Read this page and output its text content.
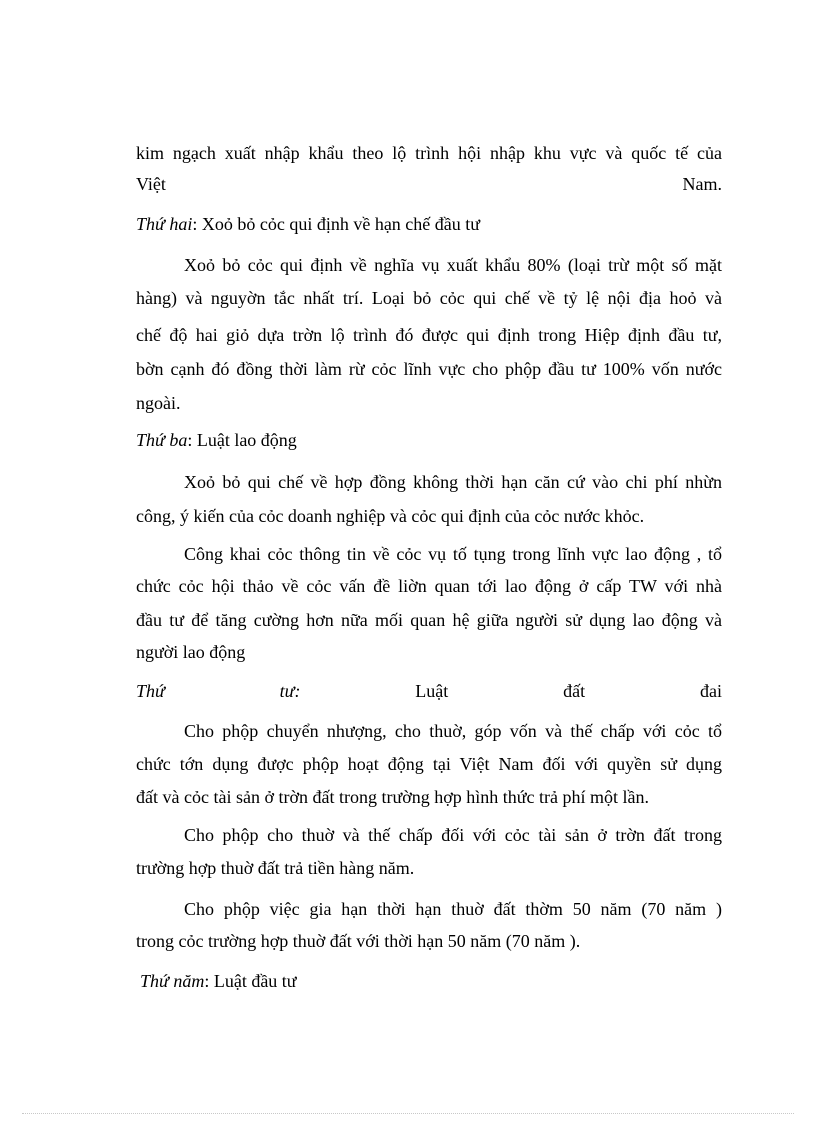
kim ngạch xuất nhập khẩu theo lộ trình hội nhập khu vực và quốc tế của
Việt	Nam.
Thứ hai: Xoỏ bỏ cỏc qui định về hạn chế đầu tư
Xoỏ bỏ cỏc qui định về nghĩa vụ xuất khẩu 80% (loại trừ một số mặt
hàng) và nguyờn tắc nhất trí. Loại bỏ cỏc qui chế về tỷ lệ nội địa hoỏ và
chế độ hai giỏ dựa trờn lộ trình đó được qui định trong Hiệp định đầu tư,
bờn cạnh đó đồng thời làm rừ cỏc lĩnh vực cho phộp đầu tư 100% vốn nước
ngoài.
Thứ ba: Luật lao động
Xoỏ bỏ qui chế về hợp đồng không thời hạn căn cứ vào chi phí nhừn
công, ý kiến của cỏc doanh nghiệp và cỏc qui định của cỏc nước khỏc.
Công khai cỏc thông tin về cỏc vụ tố tụng trong lĩnh vực lao động , tổ
chức cỏc hội thảo về cỏc vấn đề liờn quan tới lao động ở cấp TW với nhà
đầu tư để tăng cường hơn nữa mối quan hệ giữa người sử dụng lao động và
người lao động
Thứ	tư:	Luật	đất	đai
Cho phộp chuyển nhượng, cho thuờ, góp vốn và thế chấp với cỏc tổ
chức tớn dụng được phộp hoạt động tại Việt Nam đối với quyền sử dụng
đất và cỏc tài sản ở trờn đất trong trường hợp hình thức trả phí một lần.
Cho phộp cho thuờ và thế chấp đối với cỏc tài sản ở trờn đất trong
trường hợp thuờ đất trả tiền hàng năm.
Cho phộp việc gia hạn thời hạn thuờ đất thờm 50 năm (70 năm )
trong cỏc trường hợp thuờ đất với thời hạn 50 năm (70 năm ).
Thứ năm: Luật đầu tư
